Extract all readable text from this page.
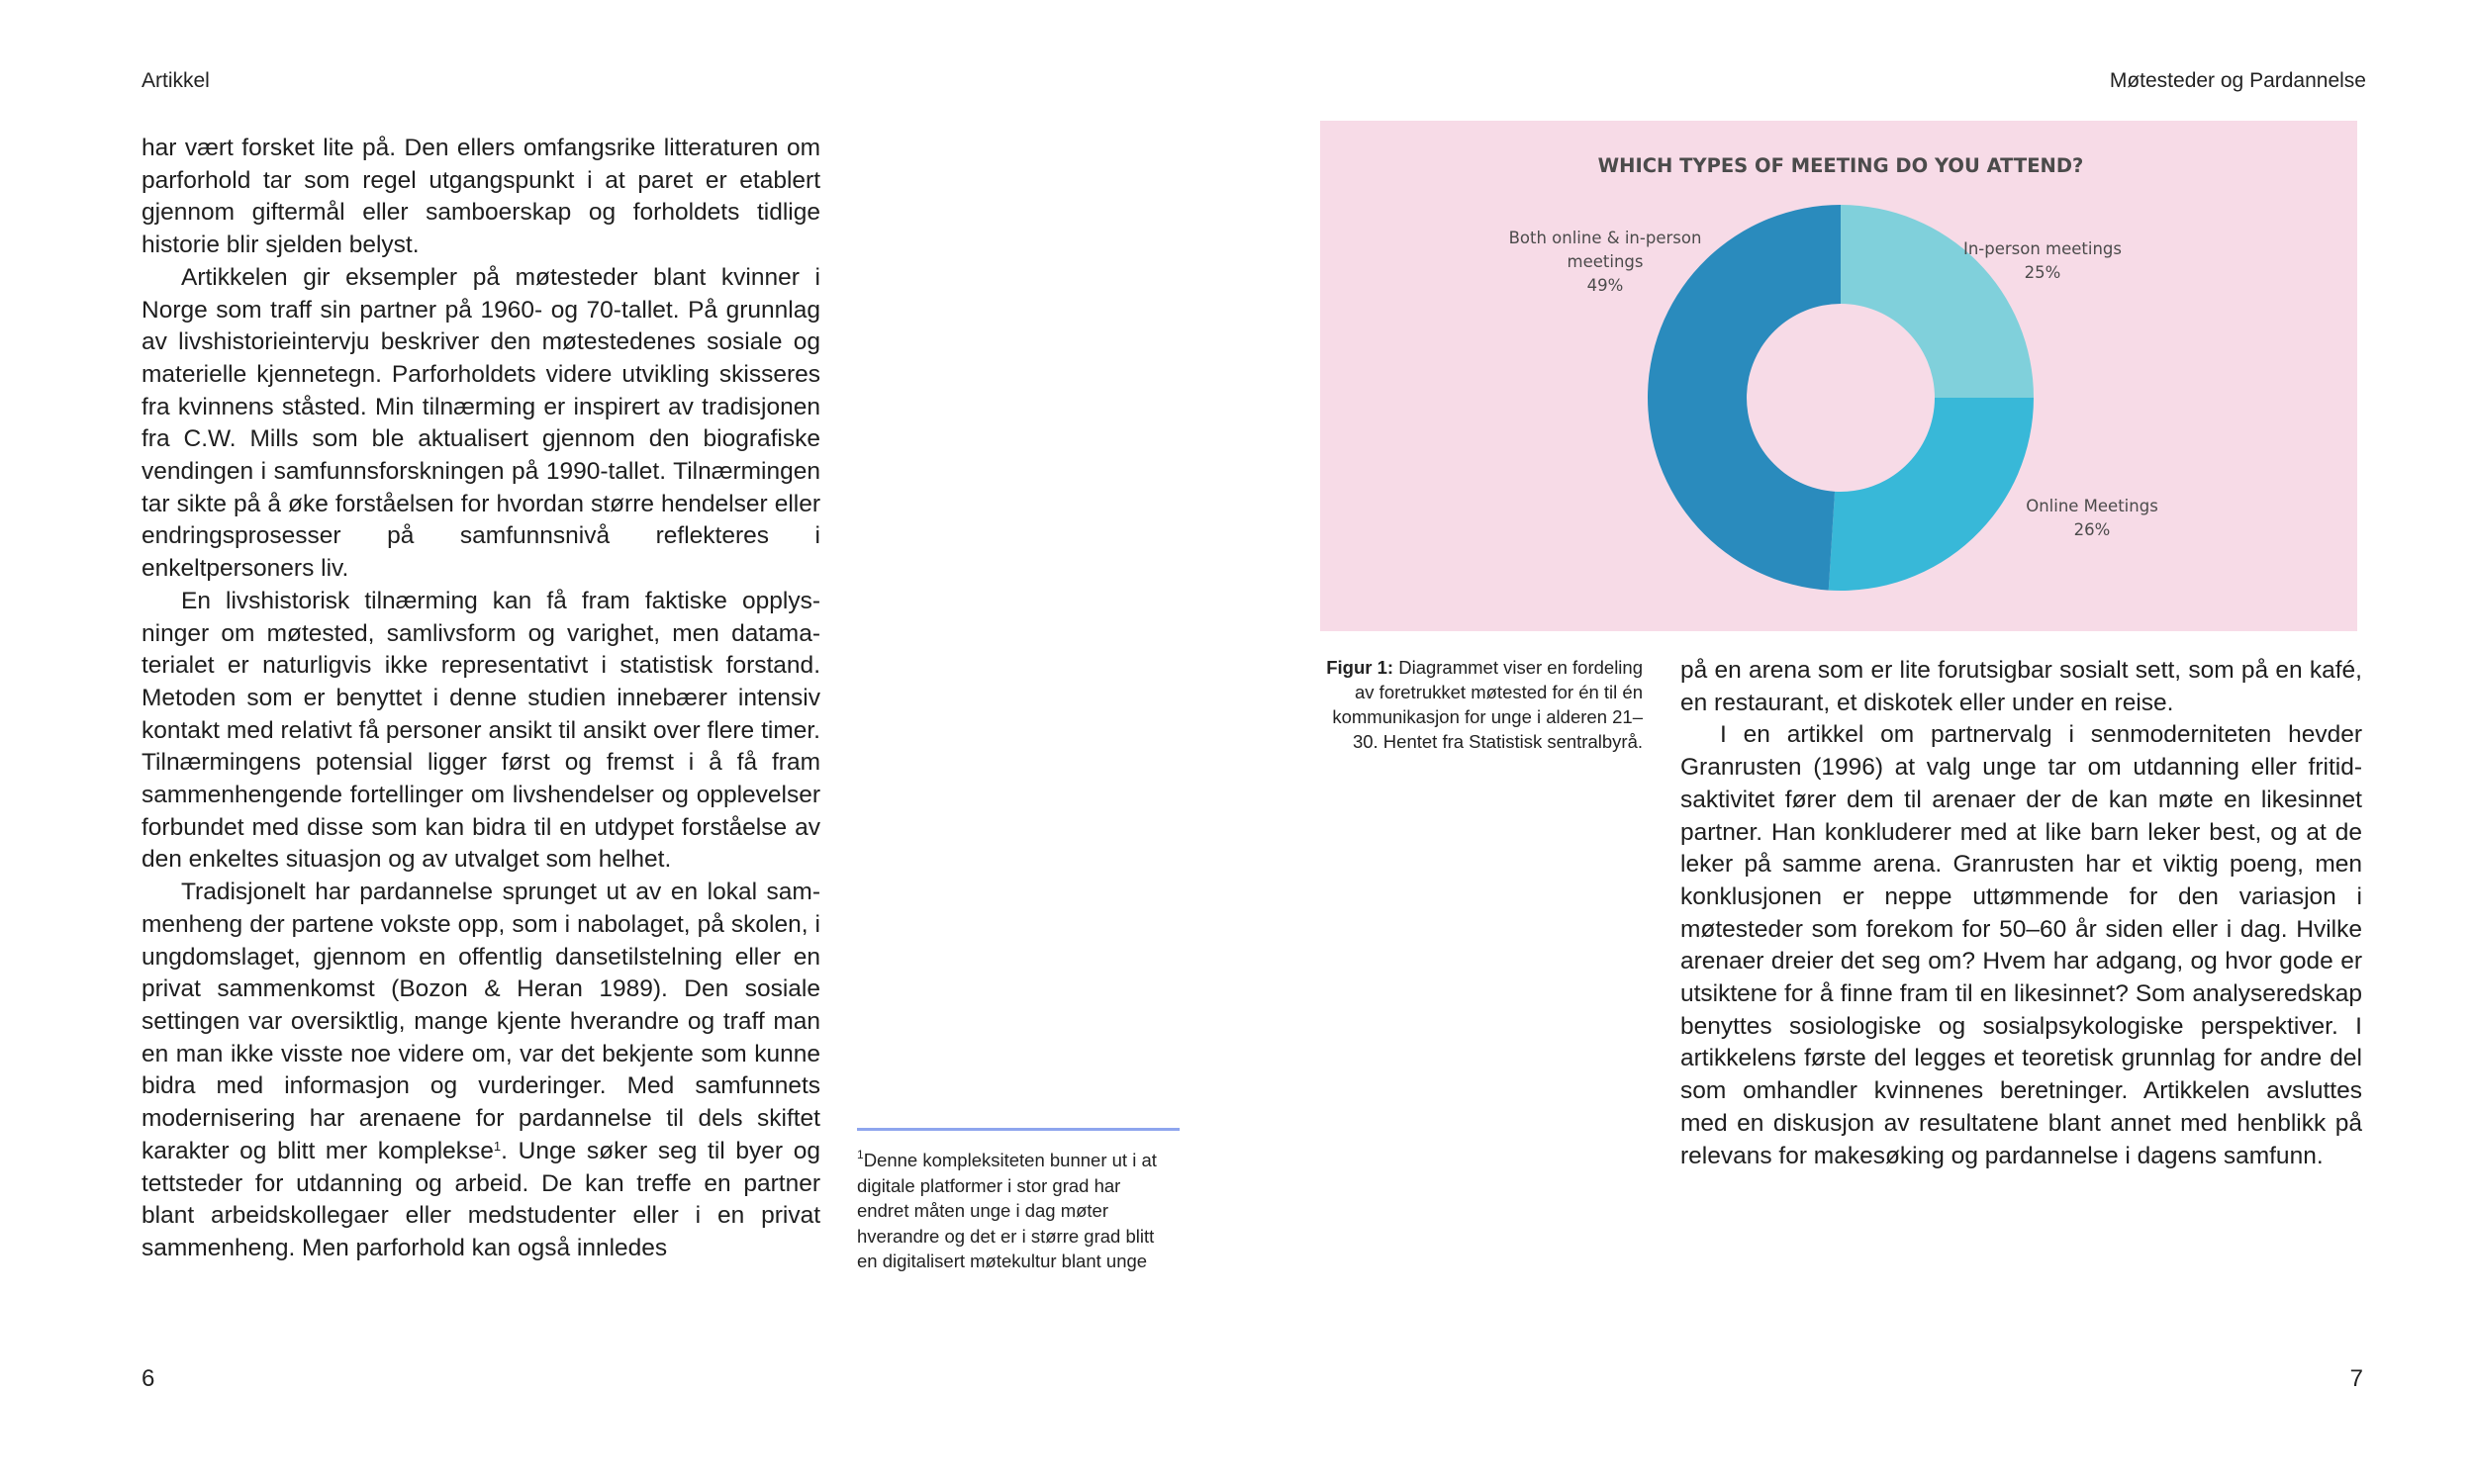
Artikkel	Møtesteder og Pardannelse

har vært forsket lite på. Den ellers omfangsrike litteraturen om parforhold tar som regel utgangspunkt i at paret er etablert gjennom giftermål eller samboerskap og forholdets tidlige historie blir sjelden belyst.

Artikkelen gir eksempler på møtesteder blant kvinner i Norge som traff sin partner på 1960- og 70-tallet. På grunnlag av livshistorieintervju beskriver den møtestedenes sosiale og materielle kjennetegn. Parforholdets videre utvikling skisseres fra kvinnens ståsted. Min tilnærming er inspirert av tradisjonen fra C.W. Mills som ble aktualisert gjennom den biografiske vendingen i samfunnsforskningen på 1990-tallet. Tilnærmingen tar sikte på å øke forståelsen for hvordan større hendelser eller endringsprosesser på samfunnsnivå reflekteres i enkeltpersoners liv.

En livshistorisk tilnærming kan få fram faktiske opplysninger om møtested, samlivsform og varighet, men datamaterialet er naturligvis ikke representativt i statistisk forstand. Metoden som er benyttet i denne studien innebærer intensiv kontakt med relativt få personer ansikt til ansikt over flere timer. Tilnærmingens potensial ligger først og fremst i å få fram sammenhengende fortellinger om livshendelser og opplevelser forbundet med disse som kan bidra til en utdypet forståelse av den enkeltes situasjon og av utvalget som helhet.

Tradisjonelt har pardannelse sprunget ut av en lokal sammenheng der partene vokste opp, som i nabolaget, på skolen, i ungdomslaget, gjennom en offentlig dansetilstelning eller en privat sammenkomst (Bozon & Heran 1989). Den sosiale settingen var oversiktlig, mange kjente hverandre og traff man en man ikke visste noe videre om, var det bekjente som kunne bidra med informasjon og vurderinger. Med samfunnets modernisering har arenaene for pardannelse til dels skiftet karakter og blitt mer komplekse$^1$. Unge søker seg til byer og tettsteder for utdanning og arbeid. De kan treffe en partner blant arbeidskollegaer eller medstudenter eller i en privat sammenheng. Men parforhold kan også innledes

$^1$Denne kompleksiteten bunner ut i at digitale platformer i stor grad har endret måten unge i dag møter hverandre og det er i større grad blitt en digitalisert møtekultur blant unge
WHICH TYPES OF MEETING DO YOU ATTEND?
In-person meetings
25%
Online Meetings
26%
Both online & in-person
meetings
49%
Figur 1: Diagrammet viser en fordeling av foretrukket møtested for én til én kommunikasjon for unge i alderen 21–30. Hentet fra Statistisk sentralbyrå.

på en arena som er lite forutsigbar sosialt sett, som på en kafé, en restaurant, et diskotek eller under en reise.

I en artikkel om partnervalg i senmoderniteten hevder Granrusten (1996) at valg unge tar om utdanning eller fritidsaktivitet fører dem til arenaer der de kan møte en likesinnet partner. Han konkluderer med at like barn leker best, og at de leker på samme arena. Granrusten har et viktig poeng, men konklusjonen er neppe uttømmende for den variasjon i møtesteder som forekom for 50–60 år siden eller i dag. Hvilke arenaer dreier det seg om? Hvem har adgang, og hvor gode er utsiktene for å finne fram til en likesinnet? Som analyseredskap benyttes sosiologiske og sosialpsykologiske perspektiver. I artikkelens første del legges et teoretisk grunnlag for andre del som omhandler kvinnenes beretninger. Artikkelen avsluttes med en diskusjon av resultatene blant annet med henblikk på relevans for makesøking og pardannelse i dagens samfunn.

6	7
